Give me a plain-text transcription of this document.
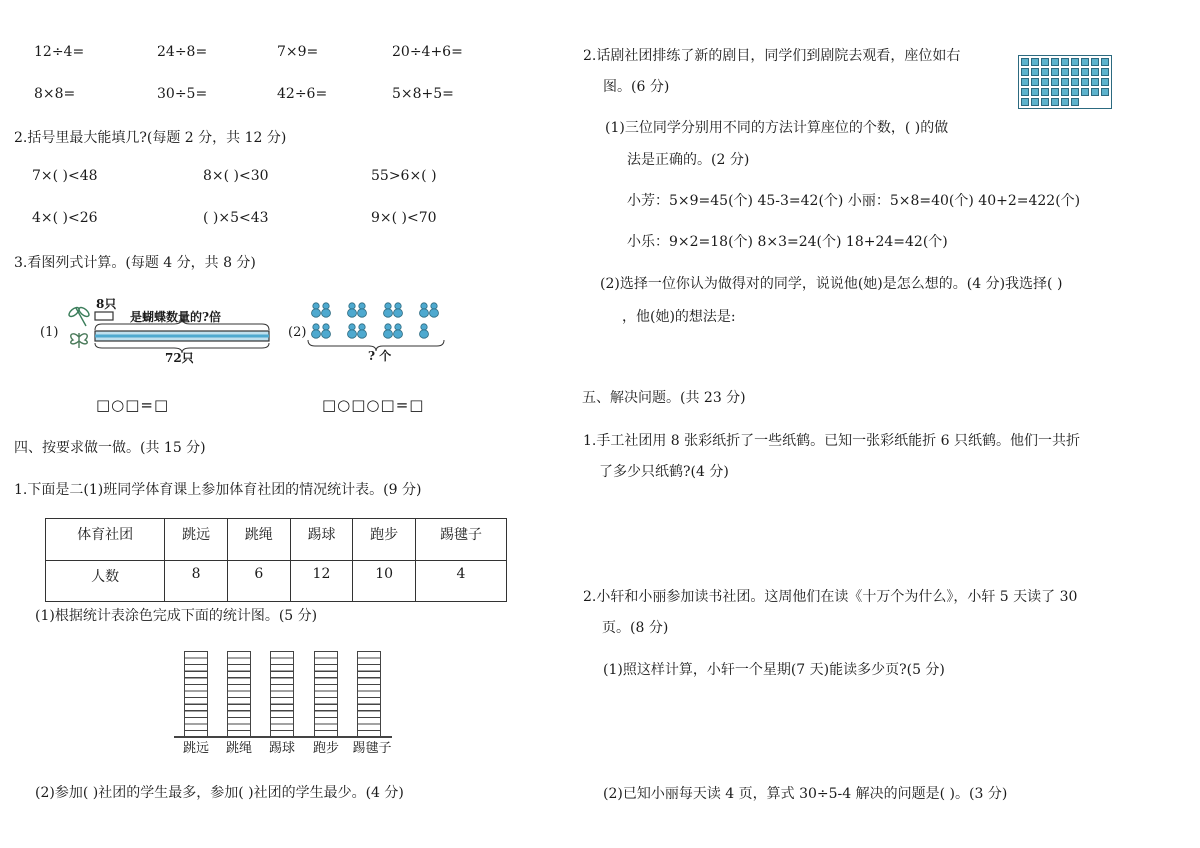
12÷4=	24÷8=	7×9=	20÷4+6=
8×8=	30÷5=	42÷6=	5×8+5=
2.括号里最大能填几?(每题 2 分，共 12 分)
7×( )<48	8×( )<30	55>6×( )
4×( )<26	( )×5<43	9×( )<70
3.看图列式计算。(每题 4 分，共 8 分)
(1)
8只
是蝴蝶数量的?倍
72只
□○□=□
(2)
? 个
□○□○□=□
四、按要求做一做。(共 15 分)
1.下面是二(1)班同学体育课上参加体育社团的情况统计表。(9 分)
体育社团	跳远	跳绳	踢球	跑步	踢毽子
人数	8	6	12	10	4
(1)根据统计表涂色完成下面的统计图。(5 分)
跳远	跳绳	踢球	跑步	踢毽子
(2)参加( )社团的学生最多，参加( )社团的学生最少。(4 分)
2.话剧社团排练了新的剧目，同学们到剧院去观看，座位如右
图。(6 分)
(1)三位同学分别用不同的方法计算座位的个数，( )的做
法是正确的。(2 分)
小芳：5×9=45(个) 45-3=42(个) 小丽：5×8=40(个) 40+2=422(个)
小乐：9×2=18(个) 8×3=24(个) 18+24=42(个)
(2)选择一位你认为做得对的同学，说说他(她)是怎么想的。(4 分)我选择( )
，他(她)的想法是:
五、解决问题。(共 23 分)
1.手工社团用 8 张彩纸折了一些纸鹤。已知一张彩纸能折 6 只纸鹤。他们一共折
了多少只纸鹤?(4 分)
2.小轩和小丽参加读书社团。这周他们在读《十万个为什么》，小轩 5 天读了 30
页。(8 分)
(1)照这样计算，小轩一个星期(7 天)能读多少页?(5 分)
(2)已知小丽每天读 4 页，算式 30÷5-4 解决的问题是( )。(3 分)
